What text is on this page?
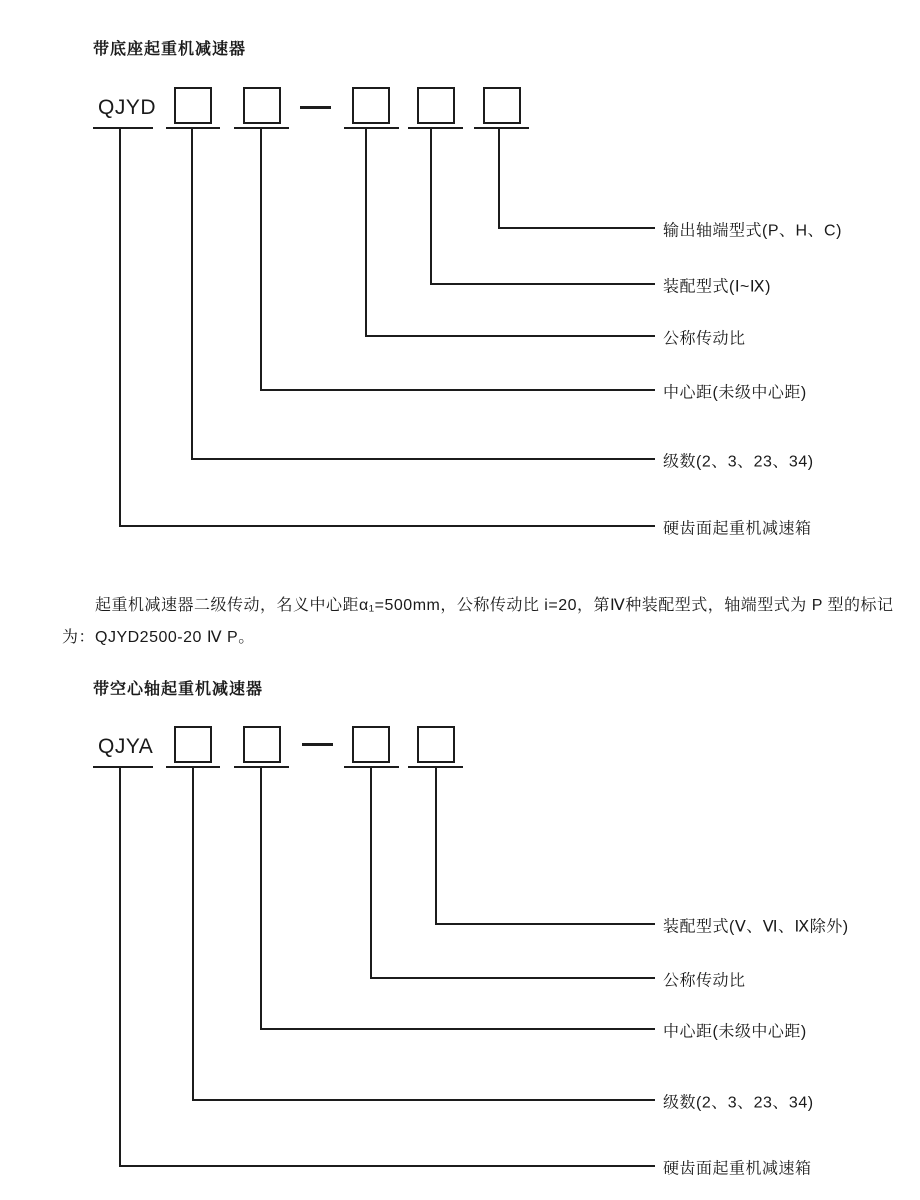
带底座起重机减速器
QJYD
输出轴端型式(P、H、C)
装配型式(Ⅰ~Ⅸ)
公称传动比
中心距(未级中心距)
级数(2、3、23、34)
硬齿面起重机减速箱
起重机减速器二级传动，名义中心距α₁=500mm，公称传动比 i=20，第Ⅳ种装配型式，轴端型式为 P 型的标记
为：QJYD2500-20 Ⅳ P。
带空心轴起重机减速器
QJYA
装配型式(Ⅴ、Ⅵ、Ⅸ除外)
公称传动比
中心距(未级中心距)
级数(2、3、23、34)
硬齿面起重机减速箱
